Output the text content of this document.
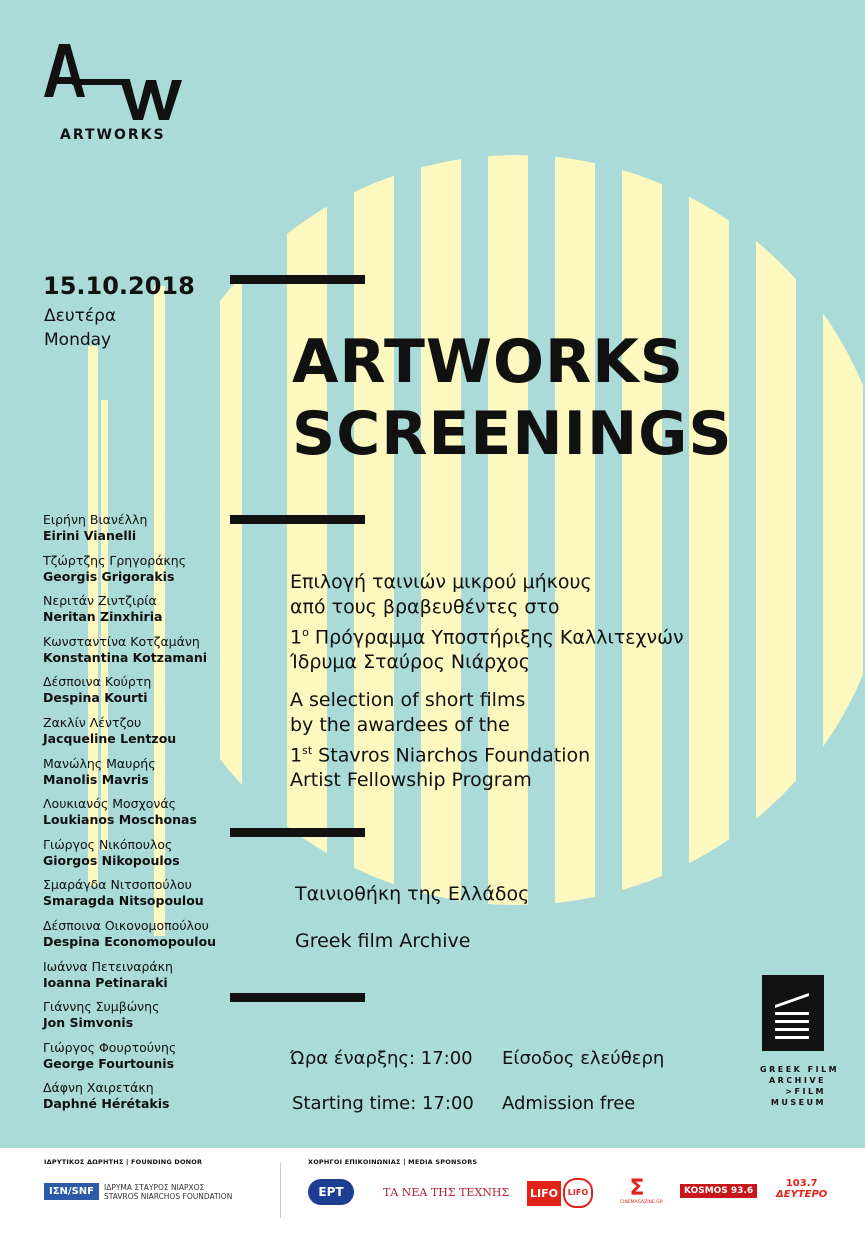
ARTWORKS
15.10.2018
Δευτέρα
Monday	ARTWORKS
SCREENINGS
Επιλογή ταινιών μικρού μήκους
από τους βραβευθέντες στο
$1^o$ Πρόγραμμα Υποστήριξης Καλλιτεχνών
Ίδρυμα Σταύρος Νιάρχος
A selection of short films
by the awardees of the
1st Stavros Niarchos Foundation
Artist Fellowship Program
Ταινιοθήκη της Ελλάδος
Greek film Archive
Ώρα έναρξης: 17:00 Είσοδος ελεύθερη
Starting time: 17:00 Admission free
Ειρήνη Βιανέλλη
Eirini Vianelli
Τζώρτζης Γρηγοράκης
Georgis Grigorakis
Νεριτάν Ζιντζιρία
Neritan Zinxhiria
Κωνσταντίνα Κοτζαμάνη
Konstantina Kotzamani
Δέσποινα Κούρτη
Despina Kourti
Ζακλίν Λέντζου
Jacqueline Lentzou
Μανώλης Μαυρής
Manolis Mavris
Λουκιανός Μοσχονάς
Loukianos Moschonas
Γιώργος Νικόπουλος
Giorgos Nikopoulos
Σμαράγδα Νιτσοπούλου
Smaragda Nitsopoulou
Δέσποινα Οικονομοπούλου
Despina Economopoulou
Ιωάννα Πετειναράκη
Ioanna Petinaraki
Γιάννης Συμβώνης
Jon Simvonis
Γιώργος Φουρτούνης
George Fourtounis
Δάφνη Χαιρετάκη
Daphné Hérétakis
GREEK FILM
ARCHIVE
>FILM
MUSEUM
ΙΔΡΥΤΙΚΟΣ ΔΩΡΗΤΗΣ | FOUNDING DONOR	ΧΟΡΗΓΟΙ ΕΠΙΚΟΙΝΩΝΙΑΣ | MEDIA SPONSORS
ΙΣΝ/SNF ΙΔΡΥΜΑ ΣΤΑΥΡΟΣ ΝΙΑΡΧΟΣ
STAVROS NIARCHOS FOUNDATION	ΕΡΤ	ΤΑ ΝΕΑ ΤΗΣ ΤΕΧΝΗΣ LIFO LIFO	Σ
CINEMAGAZINE.GR
KOSMOS 93.6
103.7
ΔΕΥΤΕΡΟ
